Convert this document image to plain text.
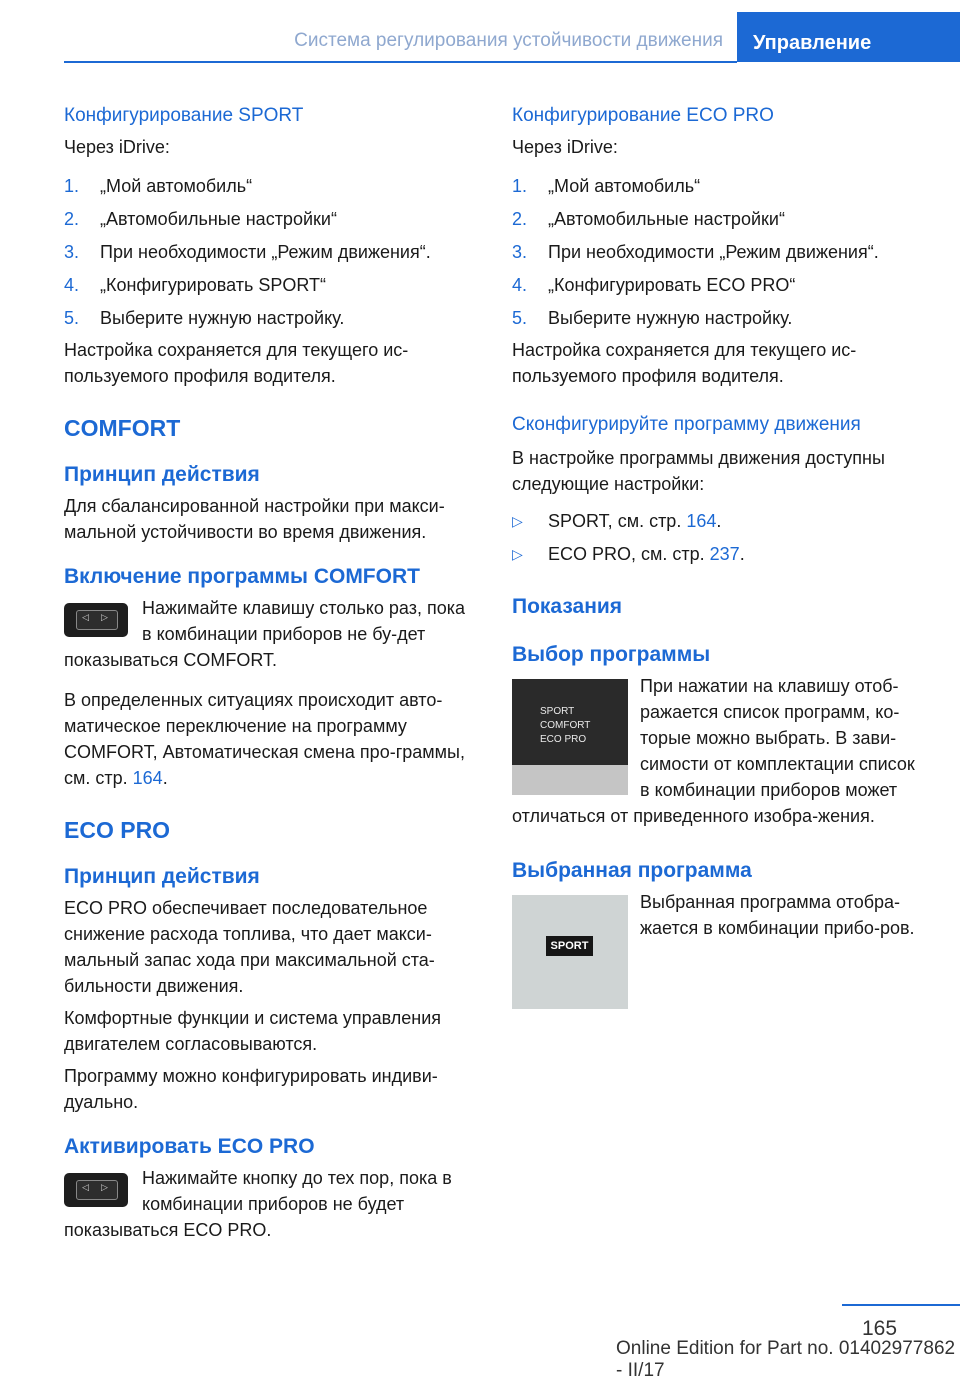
Система регулирования устойчивости движения	Управление
Конфигурирование SPORT

Через iDrive:

1. „Мой автомобиль“
2. „Автомобильные настройки“
3. При необходимости „Режим движения“.
4. „Конфигурировать SPORT“
5. Выберите нужную настройку.

Настройка сохраняется для текущего ис‐пользуемого профиля водителя.

COMFORT
Принцип действия

Для сбалансированной настройки при макси‐мальной устойчивости во время движения.

Включение программы COMFORT
◁ ▷	Нажимайте клавишу столько раз, пока в комбинации приборов не бу‐дет показываться COMFORT.

В определенных ситуациях происходит авто‐матическое переключение на программу COMFORT, Автоматическая смена про‐граммы, см. стр. 164.

ECO PRO
Принцип действия

ECO PRO обеспечивает последовательное снижение расхода топлива, что дает макси‐мальный запас хода при максимальной ста‐бильности движения.

Комфортные функции и система управления двигателем согласовываются.

Программу можно конфигурировать индиви‐дуально.

Активировать ECO PRO
◁ ▷	Нажимайте кнопку до тех пор, пока в комбинации приборов не будет показываться ECO PRO.

Конфигурирование ECO PRO

Через iDrive:

1. „Мой автомобиль“
2. „Автомобильные настройки“
3. При необходимости „Режим движения“.
4. „Конфигурировать ECO PRO“
5. Выберите нужную настройку.

Настройка сохраняется для текущего ис‐пользуемого профиля водителя.

Сконфигурируйте программу движения

В настройке программы движения доступны следующие настройки:

▷ SPORT, см. стр. 164.
▷ ECO PRO, см. стр. 237.
Показания
Выбор программы
SPORT
COMFORT
ECO PRO

При нажатии на клавишу отоб‐ражается список программ, ко‐торые можно выбрать. В зави‐симости от комплектации список в комбинации приборов может отличаться от приведенного изобра‐жения.

Выбранная программа
SPORT

Выбранная программа отобра‐жается в комбинации прибо‐ров.

165
Online Edition for Part no. 01402977862 - II/17
